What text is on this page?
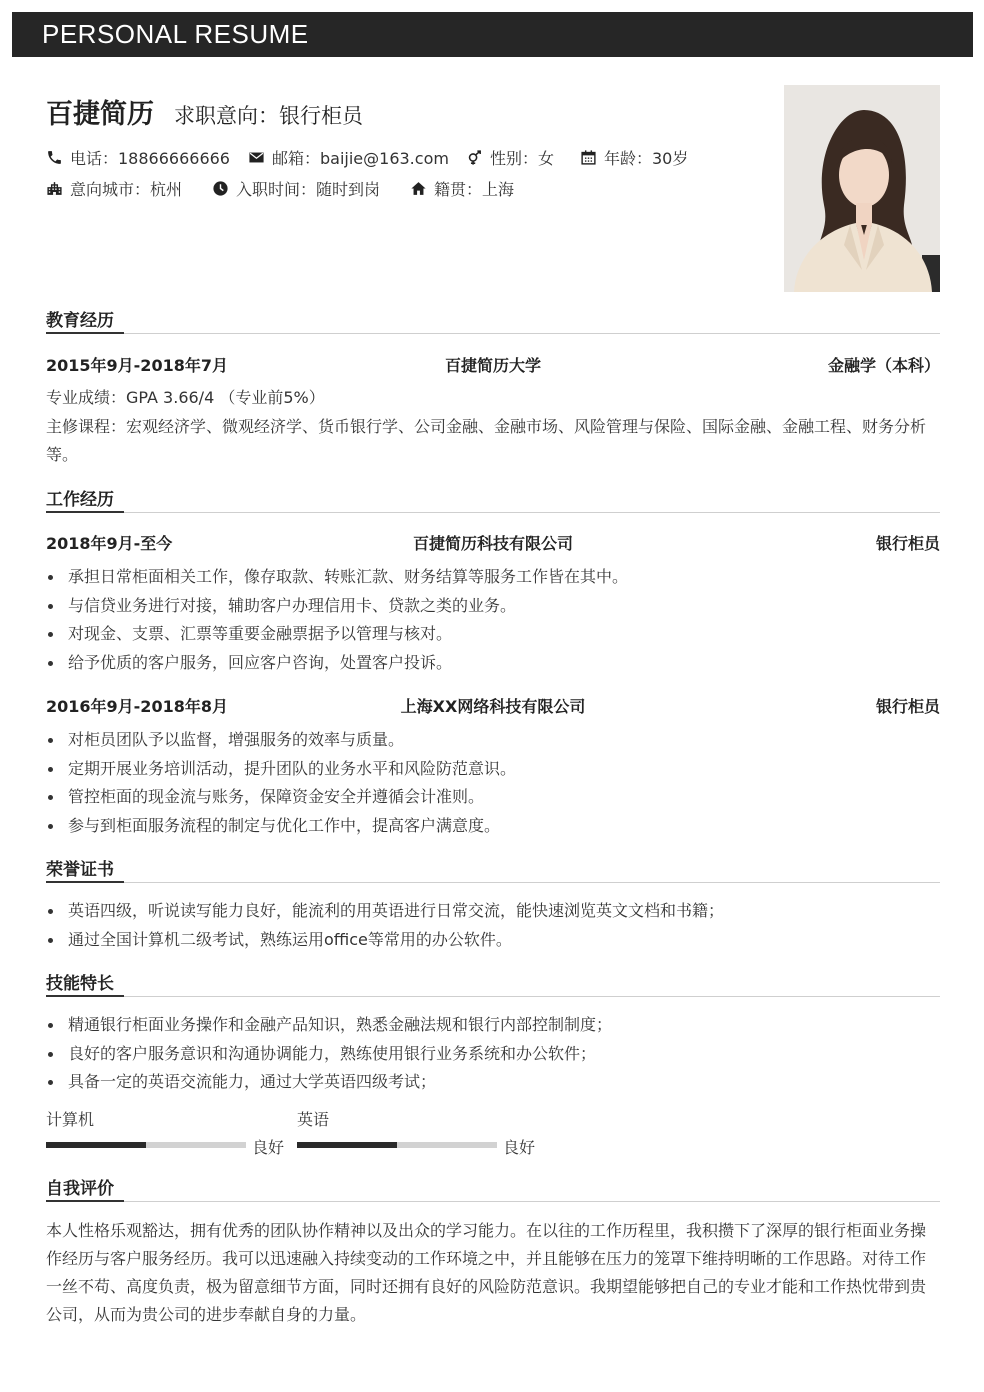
PERSONAL RESUME
百捷简历 求职意向：银行柜员
电话：18866666666	邮箱：baijie@163.com	性别：女	年龄：30岁
意向城市：杭州	入职时间：随时到岗	籍贯：上海
教育经历
2015年9月-2018年7月	百捷简历大学	金融学（本科）
专业成绩：GPA 3.66/4 （专业前5%）
主修课程：宏观经济学、微观经济学、货币银行学、公司金融、金融市场、风险管理与保险、国际金融、金融工程、财务分析等。
工作经历
2018年9月-至今	百捷简历科技有限公司	银行柜员
承担日常柜面相关工作，像存取款、转账汇款、财务结算等服务工作皆在其中。
与信贷业务进行对接，辅助客户办理信用卡、贷款之类的业务。
对现金、支票、汇票等重要金融票据予以管理与核对。
给予优质的客户服务，回应客户咨询，处置客户投诉。
2016年9月-2018年8月	上海XX网络科技有限公司	银行柜员
对柜员团队予以监督，增强服务的效率与质量。
定期开展业务培训活动，提升团队的业务水平和风险防范意识。
管控柜面的现金流与账务，保障资金安全并遵循会计准则。
参与到柜面服务流程的制定与优化工作中，提高客户满意度。
荣誉证书
英语四级，听说读写能力良好，能流利的用英语进行日常交流，能快速浏览英文文档和书籍；
通过全国计算机二级考试，熟练运用office等常用的办公软件。
技能特长
精通银行柜面业务操作和金融产品知识，熟悉金融法规和银行内部控制制度；
良好的客户服务意识和沟通协调能力，熟练使用银行业务系统和办公软件；
具备一定的英语交流能力，通过大学英语四级考试；
计算机
良好
英语
良好
自我评价
本人性格乐观豁达，拥有优秀的团队协作精神以及出众的学习能力。在以往的工作历程里，我积攒下了深厚的银行柜面业务操作经历与客户服务经历。我可以迅速融入持续变动的工作环境之中，并且能够在压力的笼罩下维持明晰的工作思路。对待工作一丝不苟、高度负责，极为留意细节方面，同时还拥有良好的风险防范意识。我期望能够把自己的专业才能和工作热忱带到贵公司，从而为贵公司的进步奉献自身的力量。
